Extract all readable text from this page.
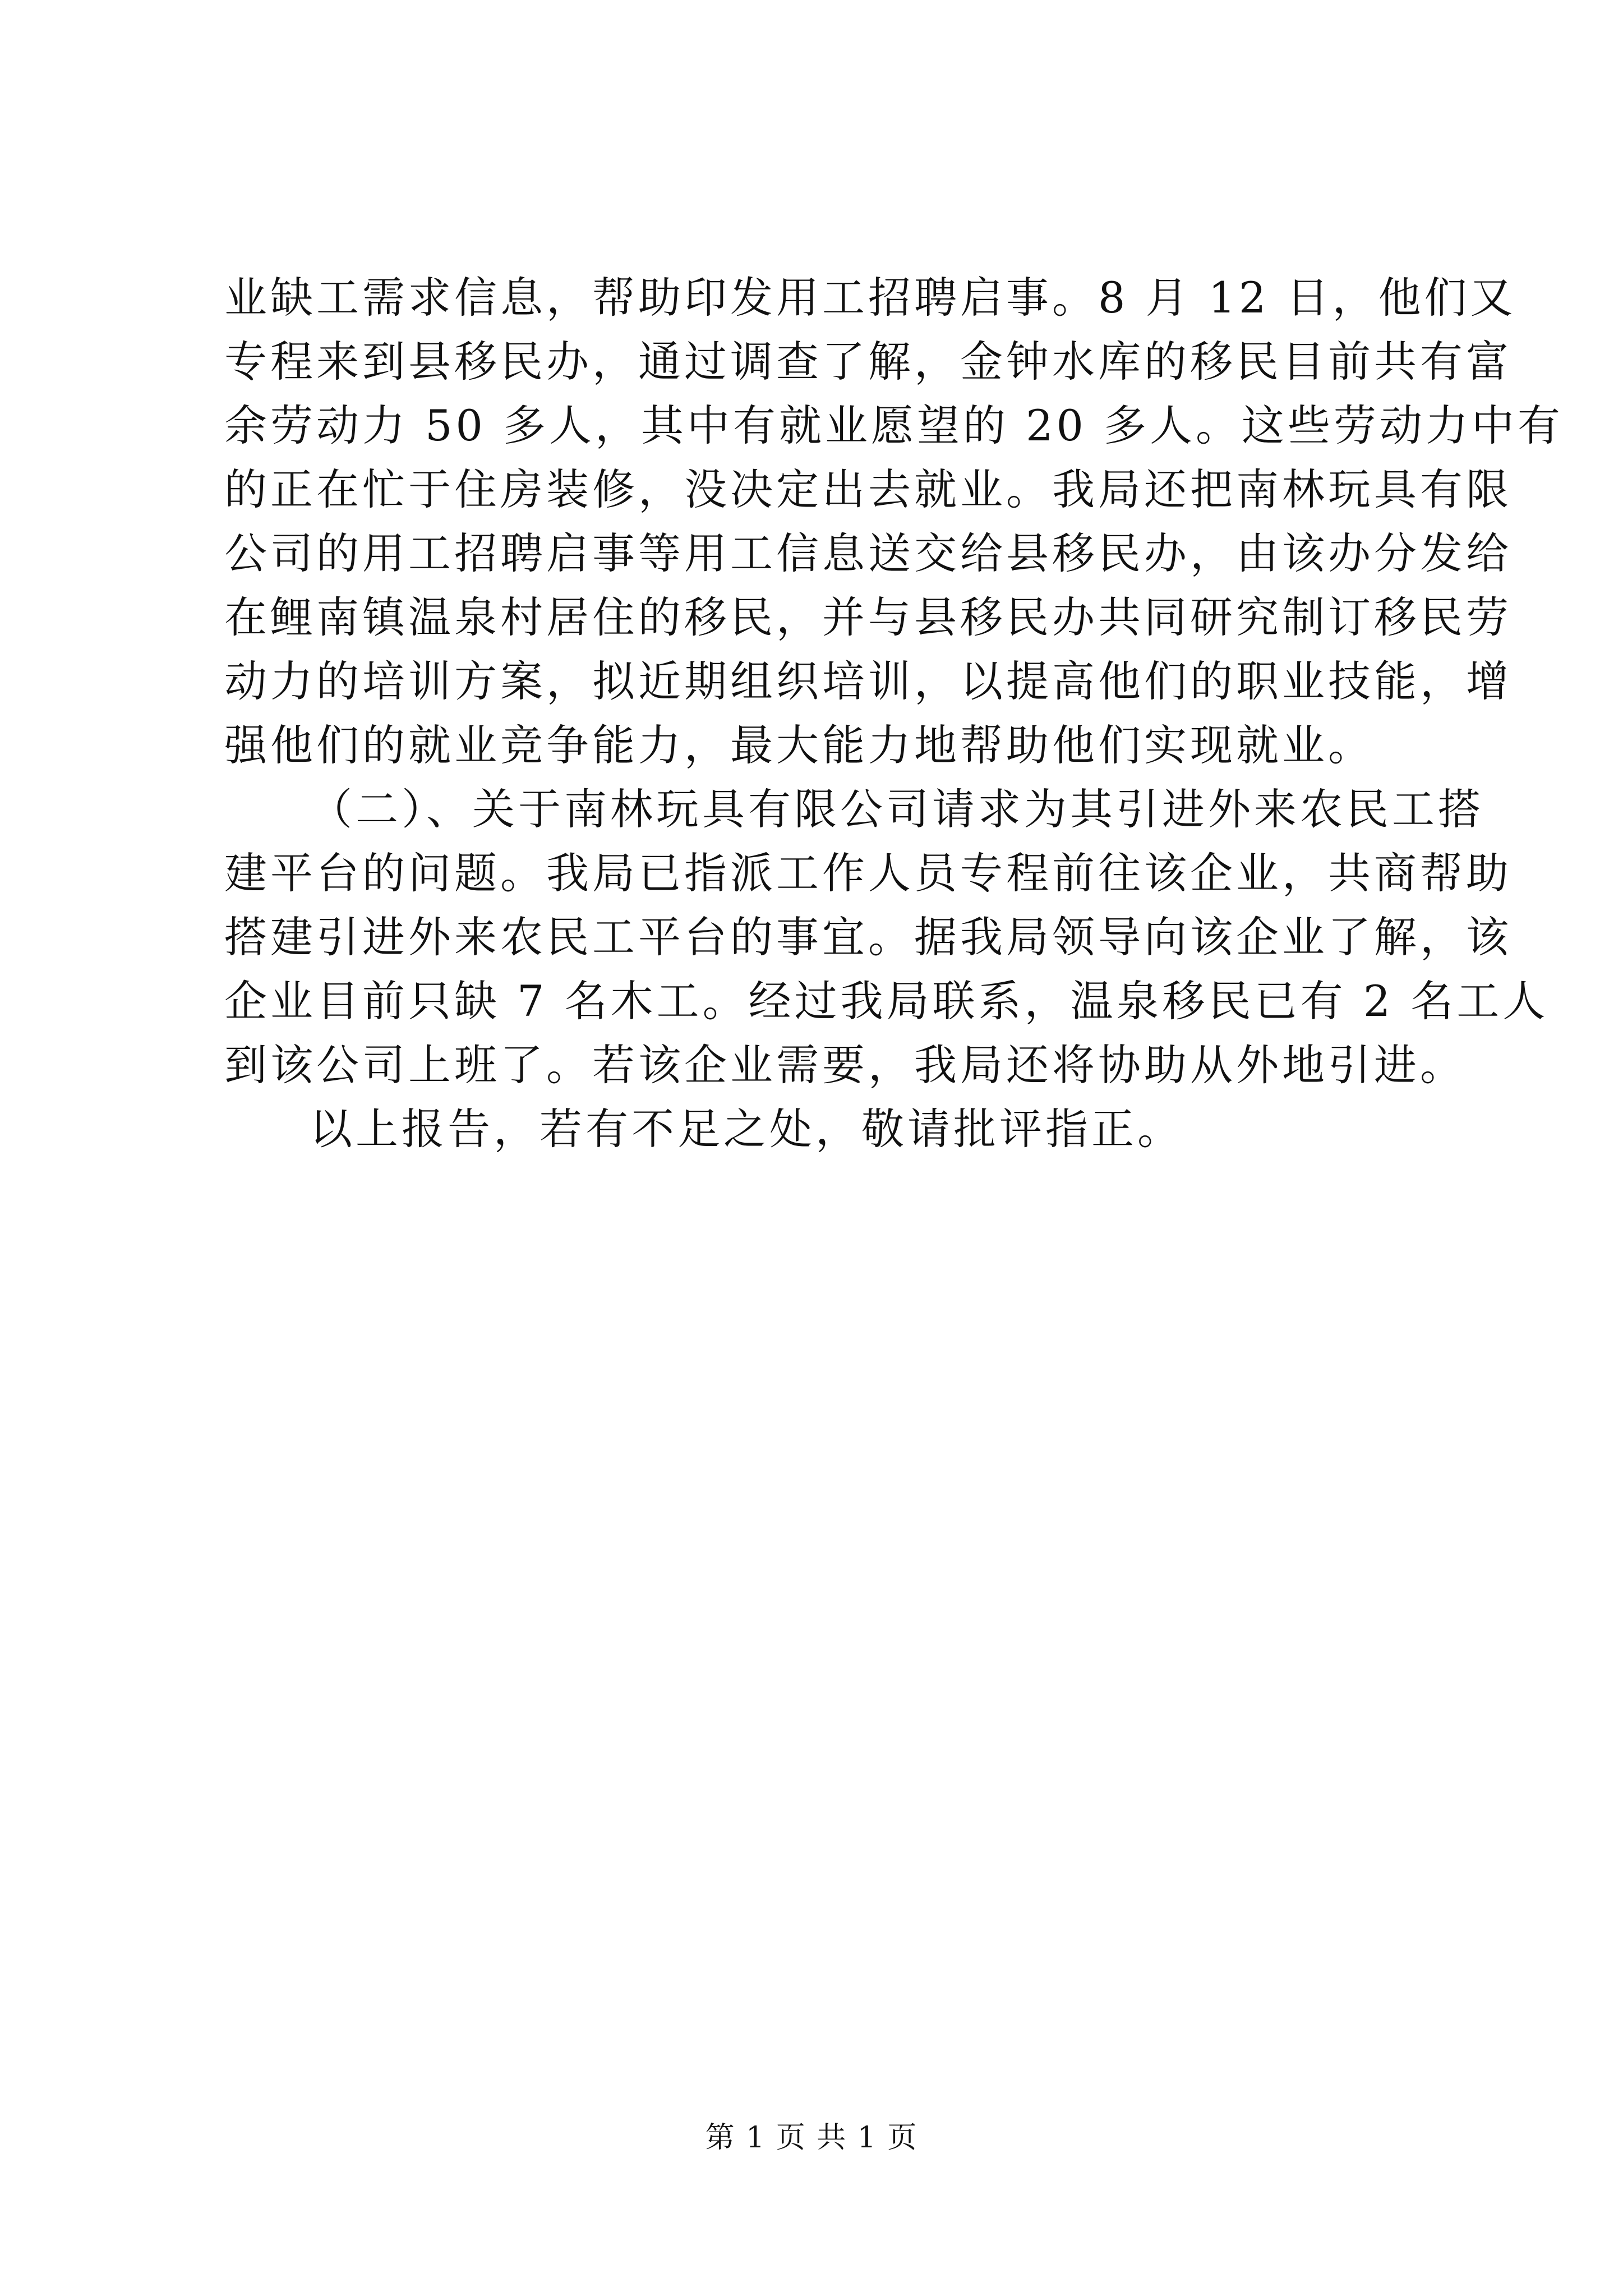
业缺工需求信息，帮助印发用工招聘启事。8 月 12 日，他们又
专程来到县移民办，通过调查了解，金钟水库的移民目前共有富
余劳动力 50 多人，其中有就业愿望的 20 多人。这些劳动力中有
的正在忙于住房装修，没决定出去就业。我局还把南林玩具有限
公司的用工招聘启事等用工信息送交给县移民办，由该办分发给
在鲤南镇温泉村居住的移民，并与县移民办共同研究制订移民劳
动力的培训方案，拟近期组织培训，以提高他们的职业技能，增
强他们的就业竞争能力，最大能力地帮助他们实现就业。
（二）、关于南林玩具有限公司请求为其引进外来农民工搭
建平台的问题。我局已指派工作人员专程前往该企业，共商帮助
搭建引进外来农民工平台的事宜。据我局领导向该企业了解，该
企业目前只缺 7 名木工。经过我局联系，温泉移民已有 2 名工人
到该公司上班了。若该企业需要，我局还将协助从外地引进。
以上报告，若有不足之处，敬请批评指正。
第 1 页 共 1 页
